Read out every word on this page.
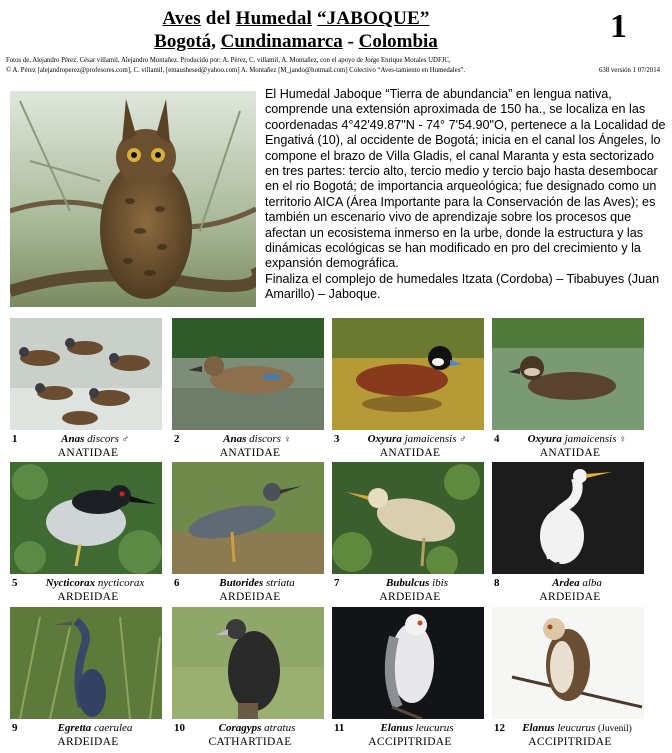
Aves del Humedal “JABOQUE”
Bogotá, Cundinamarca - Colombia	1
Fotos de, Alejandro Pérez, César villamil, Alejandro Montañez. Producido por: A. Pérez, C. villamil, A. Montañez, con el apoyo de Jorge Enrique Morales UDFJC,
© A. Pérez [alejandroperez@profesores.com], C. villamil, [emaushesed@yahoo.com] A. Montañez [M_jando@hotmail.com] Colectivo “Aves-tamiento en Humedales”.	638 versión 1 07/2014

El Humedal Jaboque “Tierra de abundancia” en lengua nativa, comprende una extensión aproximada de 150 ha., se localiza en las coordenadas 4°42'49.87"N - 74° 7'54.90"O, pertenece a la Localidad de Engativá (10), al occidente de Bogotá; inicia en el canal los Ángeles, lo compone el brazo de Villa Gladis, el canal Maranta y esta sectorizado en tres partes: tercio alto, tercio medio y tercio bajo hasta desembocar en el rio Bogotá; de importancia arqueológica; fue designado como un territorio AICA (Área Importante para la Conservación de las Aves); es también un escenario vivo de aprendizaje sobre los procesos que afectan un ecosistema inmerso en la urbe, donde la estructura y las dinámicas ecológicas se han modificado en pro del crecimiento y la expansión demográfica.

Finaliza el complejo de humedales Itzata (Cordoba) – Tibabuyes (Juan Amarillo) – Jaboque.

1	Anas discors ♂
ANATIDAE
2	Anas discors ♀
ANATIDAE
3	Oxyura jamaicensis ♂
ANATIDAE
4	Oxyura jamaicensis ♀
ANATIDAE
5	Nycticorax nycticorax
ARDEIDAE
6	Butorides striata
ARDEIDAE
7	Bubulcus ibis
ARDEIDAE
8	Ardea alba
ARDEIDAE
9	Egretta caerulea
ARDEIDAE
10	Coragyps atratus
CATHARTIDAE
11	Elanus leucurus
ACCIPITRIDAE
12	Elanus leucurus (Juvenil)
ACCIPITRIDAE
